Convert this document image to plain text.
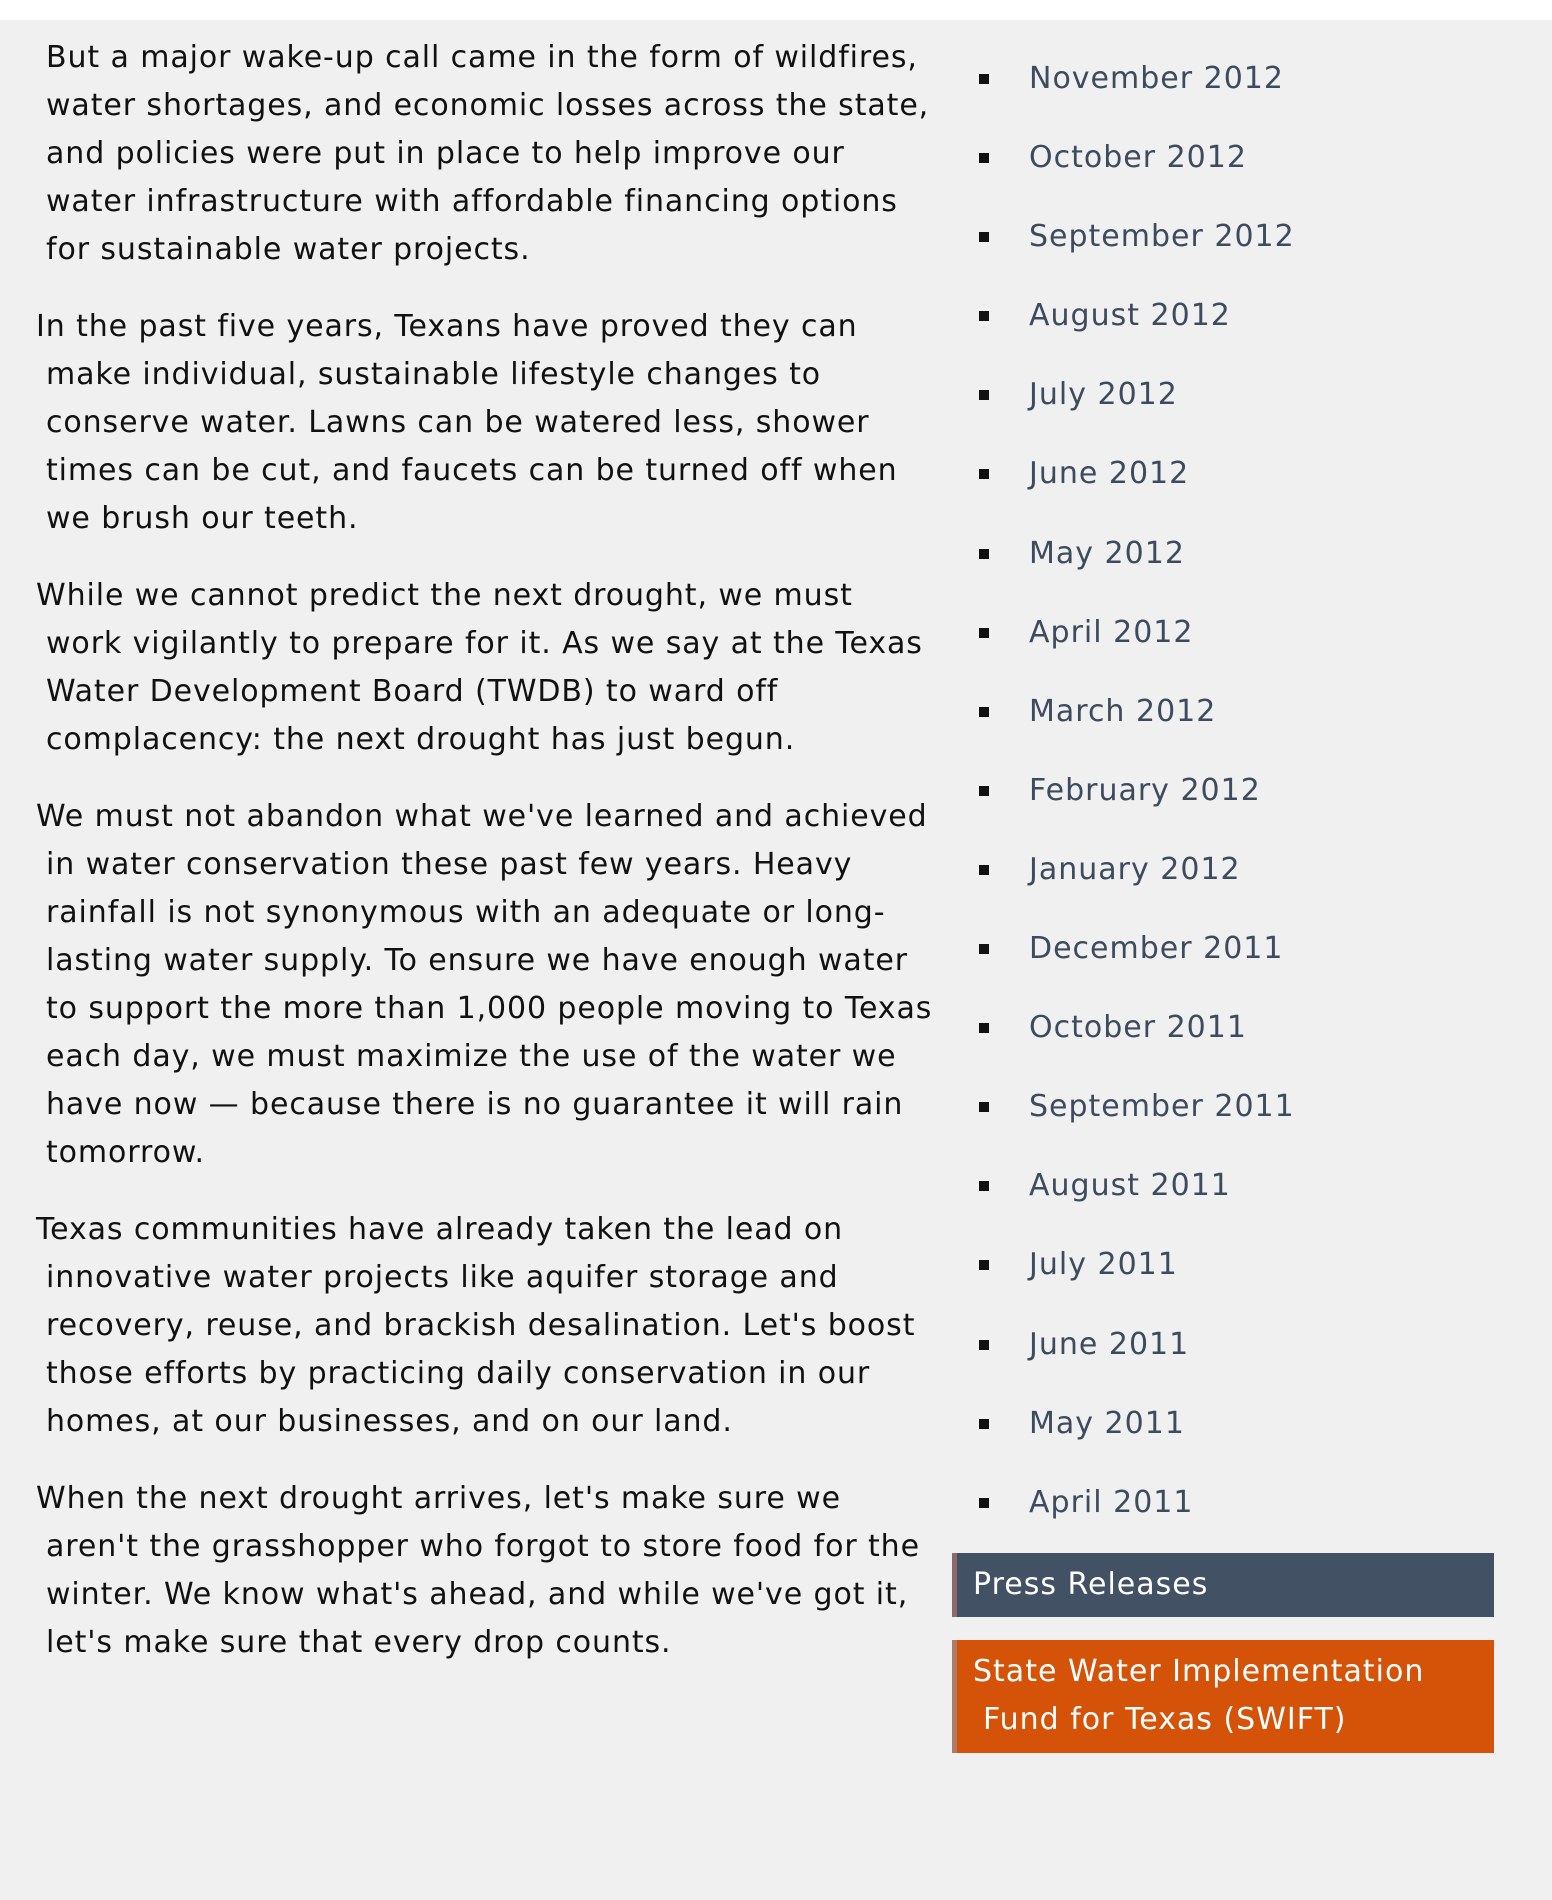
But a major wake-up call came in the form of wildfires, water shortages, and economic losses across the state, and policies were put in place to help improve our water infrastructure with affordable financing options for sustainable water projects.

In the past five years, Texans have proved they can make individual, sustainable lifestyle changes to conserve water. Lawns can be watered less, shower times can be cut, and faucets can be turned off when we brush our teeth.

While we cannot predict the next drought, we must work vigilantly to prepare for it. As we say at the Texas Water Development Board (TWDB) to ward off complacency: the next drought has just begun.

We must not abandon what we've learned and achieved in water conservation these past few years. Heavy rainfall is not synonymous with an adequate or long-lasting water supply. To ensure we have enough water to support the more than 1,000 people moving to Texas each day, we must maximize the use of the water we have now — because there is no guarantee it will rain tomorrow.

Texas communities have already taken the lead on innovative water projects like aquifer storage and recovery, reuse, and brackish desalination. Let's boost those efforts by practicing daily conservation in our homes, at our businesses, and on our land.

When the next drought arrives, let's make sure we aren't the grasshopper who forgot to store food for the winter. We know what's ahead, and while we've got it, let's make sure that every drop counts.

November 2012
October 2012
September 2012
August 2012
July 2012
June 2012
May 2012
April 2012
March 2012
February 2012
January 2012
December 2011
October 2011
September 2011
August 2011
July 2011
June 2011
May 2011
April 2011
Press Releases
State Water Implementation Fund for Texas (SWIFT)
